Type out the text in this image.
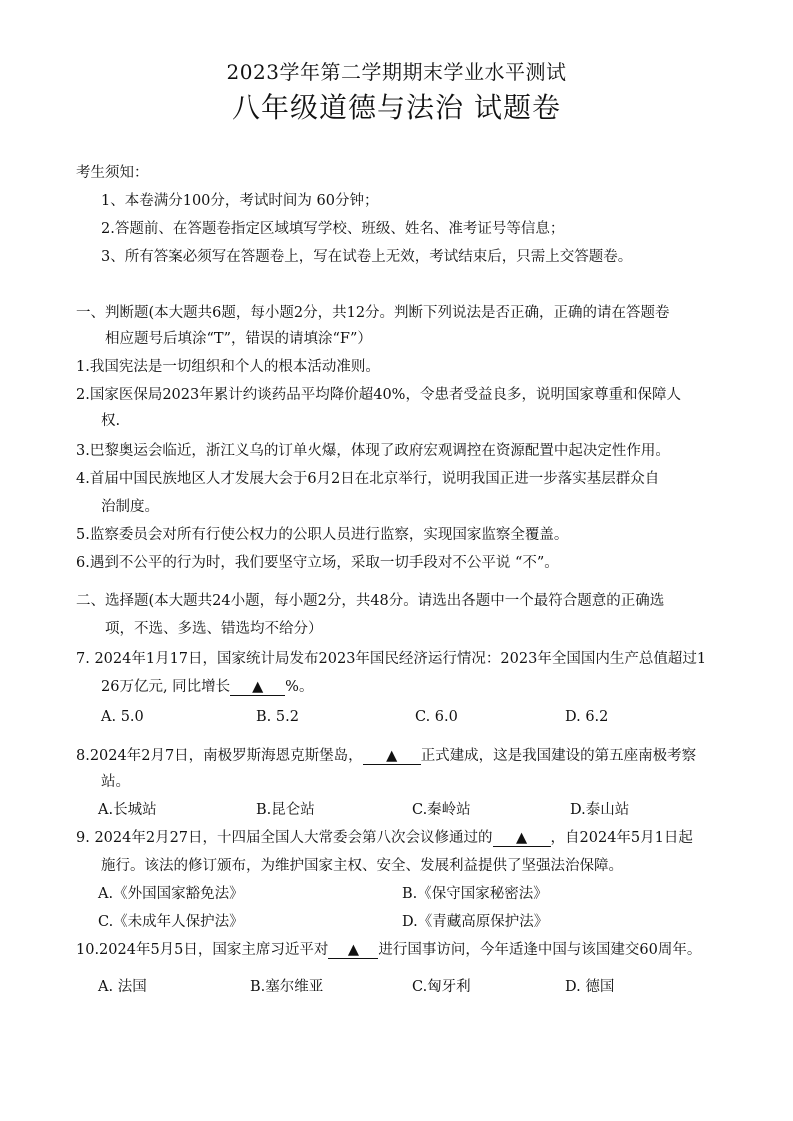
2023学年第二学期期末学业水平测试
八年级道德与法治 试题卷
考生须知：
1、本卷满分100分，考试时间为 60分钟；
2.答题前、在答题卷指定区域填写学校、班级、姓名、准考证号等信息；
3、所有答案必须写在答题卷上，写在试卷上无效，考试结束后，只需上交答题卷。
一、判断题(本大题共6题，每小题2分，共12分。判断下列说法是否正确，正确的请在答题卷
相应题号后填涂“T”，错误的请填涂“F”）
1.我国宪法是一切组织和个人的根本活动准则。
2.国家医保局2023年累计约谈药品平均降价超40%，令患者受益良多，说明国家尊重和保障人
权.
3.巴黎奥运会临近，浙江义乌的订单火爆，体现了政府宏观调控在资源配置中起决定性作用。
4.首届中国民族地区人才发展大会于6月2日在北京举行，说明我国正进一步落实基层群众自
治制度。
5.监察委员会对所有行使公权力的公职人员进行监察，实现国家监察全覆盖。
6.遇到不公平的行为时，我们要坚守立场，采取一切手段对不公平说 “不”。
二、选择题(本大题共24小题，每小题2分，共48分。请选出各题中一个最符合题意的正确选
项，不选、多选、错选均不给分）
7. 2024年1月17日，国家统计局发布2023年国民经济运行情况：2023年全国国内生产总值超过1
26万亿元, 同比增长 ▲ %。
A. 5.0	B. 5.2	C. 6.0	D. 6.2
8.2024年2月7日，南极罗斯海恩克斯堡岛， ▲ 正式建成，这是我国建设的第五座南极考察
站。
A.长城站	B.昆仑站	C.秦岭站	D.泰山站
9. 2024年2月27日，十四届全国人大常委会第八次会议修通过的 ▲ ，自2024年5月1日起
施行。该法的修订颁布，为维护国家主权、安全、发展利益提供了坚强法治保障。
A.《外国国家豁免法》	B.《保守国家秘密法》
C.《未成年人保护法》	D.《青藏高原保护法》
10.2024年5月5日，国家主席习近平对 ▲ 进行国事访问，今年适逢中国与该国建交60周年。
A. 法国	B.塞尔维亚	C.匈牙利	D. 德国
